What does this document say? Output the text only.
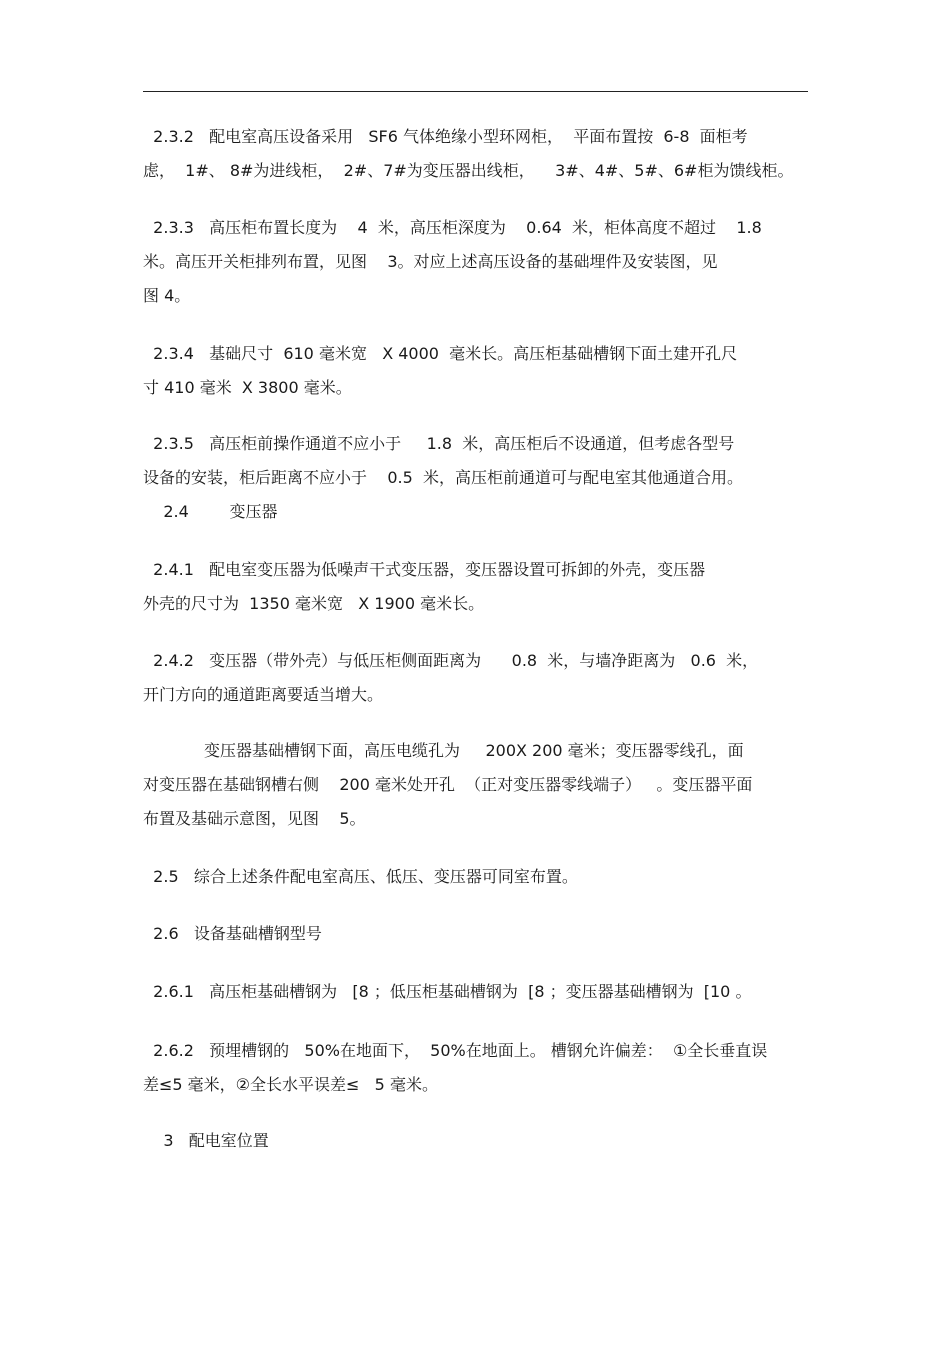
2.3.2   配电室高压设备采用   SF6 气体绝缘小型环网柜，  平面布置按  6-8  面柜考
虑，  1#、 8#为进线柜，  2#、7#为变压器出线柜，    3#、4#、5#、6#柜为馈线柜。
2.3.3   高压柜布置长度为    4  米，高压柜深度为    0.64  米，柜体高度不超过    1.8
米。高压开关柜排列布置，见图    3。对应上述高压设备的基础埋件及安装图，见
图 4。
2.3.4   基础尺寸  610 毫米宽   X 4000  毫米长。高压柜基础槽钢下面土建开孔尺
寸 410 毫米  X 3800 毫米。
2.3.5   高压柜前操作通道不应小于     1.8  米，高压柜后不设通道，但考虑各型号
设备的安装，柜后距离不应小于    0.5  米，高压柜前通道可与配电室其他通道合用。
2.4        变压器
2.4.1   配电室变压器为低噪声干式变压器，变压器设置可拆卸的外壳，变压器
外壳的尺寸为  1350 毫米宽   X 1900 毫米长。
2.4.2   变压器（带外壳）与低压柜侧面距离为      0.8  米，与墙净距离为   0.6  米，
开门方向的通道距离要适当增大。
变压器基础槽钢下面，高压电缆孔为     200X 200 毫米；变压器零线孔，面
对变压器在基础钢槽右侧    200 毫米处开孔  （正对变压器零线端子）   。变压器平面
布置及基础示意图，见图    5。
2.5   综合上述条件配电室高压、低压、变压器可同室布置。
2.6   设备基础槽钢型号
2.6.1   高压柜基础槽钢为   [8 ；低压柜基础槽钢为  [8 ；变压器基础槽钢为  [10 。
2.6.2   预埋槽钢的   50%在地面下，  50%在地面上。 槽钢允许偏差：  ①全长垂直误
差≤5 毫米，②全长水平误差≤   5 毫米。
3   配电室位置
